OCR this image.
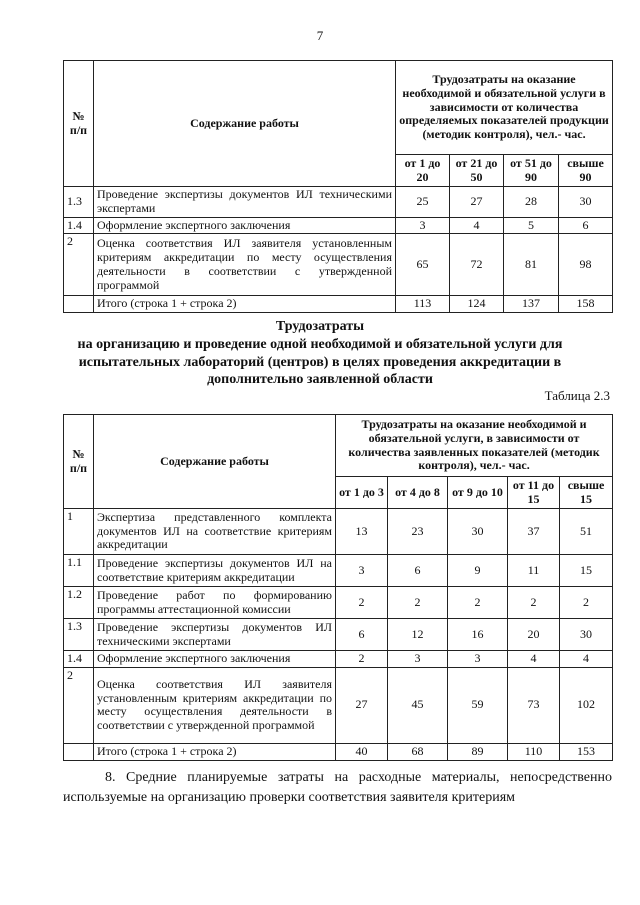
7
№ п/п	Содержание работы	Трудозатраты на оказание необходимой и обязательной услуги в зависимости от количества определяемых показателей продукции (методик контроля), чел.- час.			
		от 1 до 20	от 21 до 50	от 51 до 90	свыше 90
1.3	Проведение экспертизы документов ИЛ техническими экспертами	25	27	28	30
1.4	Оформление экспертного заключения	3	4	5	6
2	Оценка соответствия ИЛ заявителя установленным критериям аккредитации по месту осуществления деятельности в соответствии с утвержденной программой	65	72	81	98
	Итого (строка 1 + строка 2)	113	124	137	158
Трудозатраты
на организацию и проведение одной необходимой и обязательной услуги для испытательных лабораторий (центров) в целях проведения аккредитации в дополнительно заявленной области
Таблица 2.3
№ п/п	Содержание работы	Трудозатраты на оказание необходимой и обязательной услуги, в зависимости от количества заявленных показателей (методик контроля), чел.- час.				
		от 1 до 3	от 4 до 8	от 9 до 10	от 11 до 15	свыше 15
1	Экспертиза представленного комплекта документов ИЛ на соответствие критериям аккредитации	13	23	30	37	51
1.1	Проведение экспертизы документов ИЛ на соответствие критериям аккредитации	3	6	9	11	15
1.2	Проведение работ по формированию программы аттестационной комиссии	2	2	2	2	2
1.3	Проведение экспертизы документов ИЛ техническими экспертами	6	12	16	20	30
1.4	Оформление экспертного заключения	2	3	3	4	4
2	Оценка соответствия ИЛ заявителя установленным критериям аккредитации по месту осуществления деятельности в соответствии с утвержденной программой	27	45	59	73	102
	Итого (строка 1 + строка 2)	40	68	89	110	153
8. Средние планируемые затраты на расходные материалы, непосредственно используемые на организацию проверки соответствия заявителя критериям
